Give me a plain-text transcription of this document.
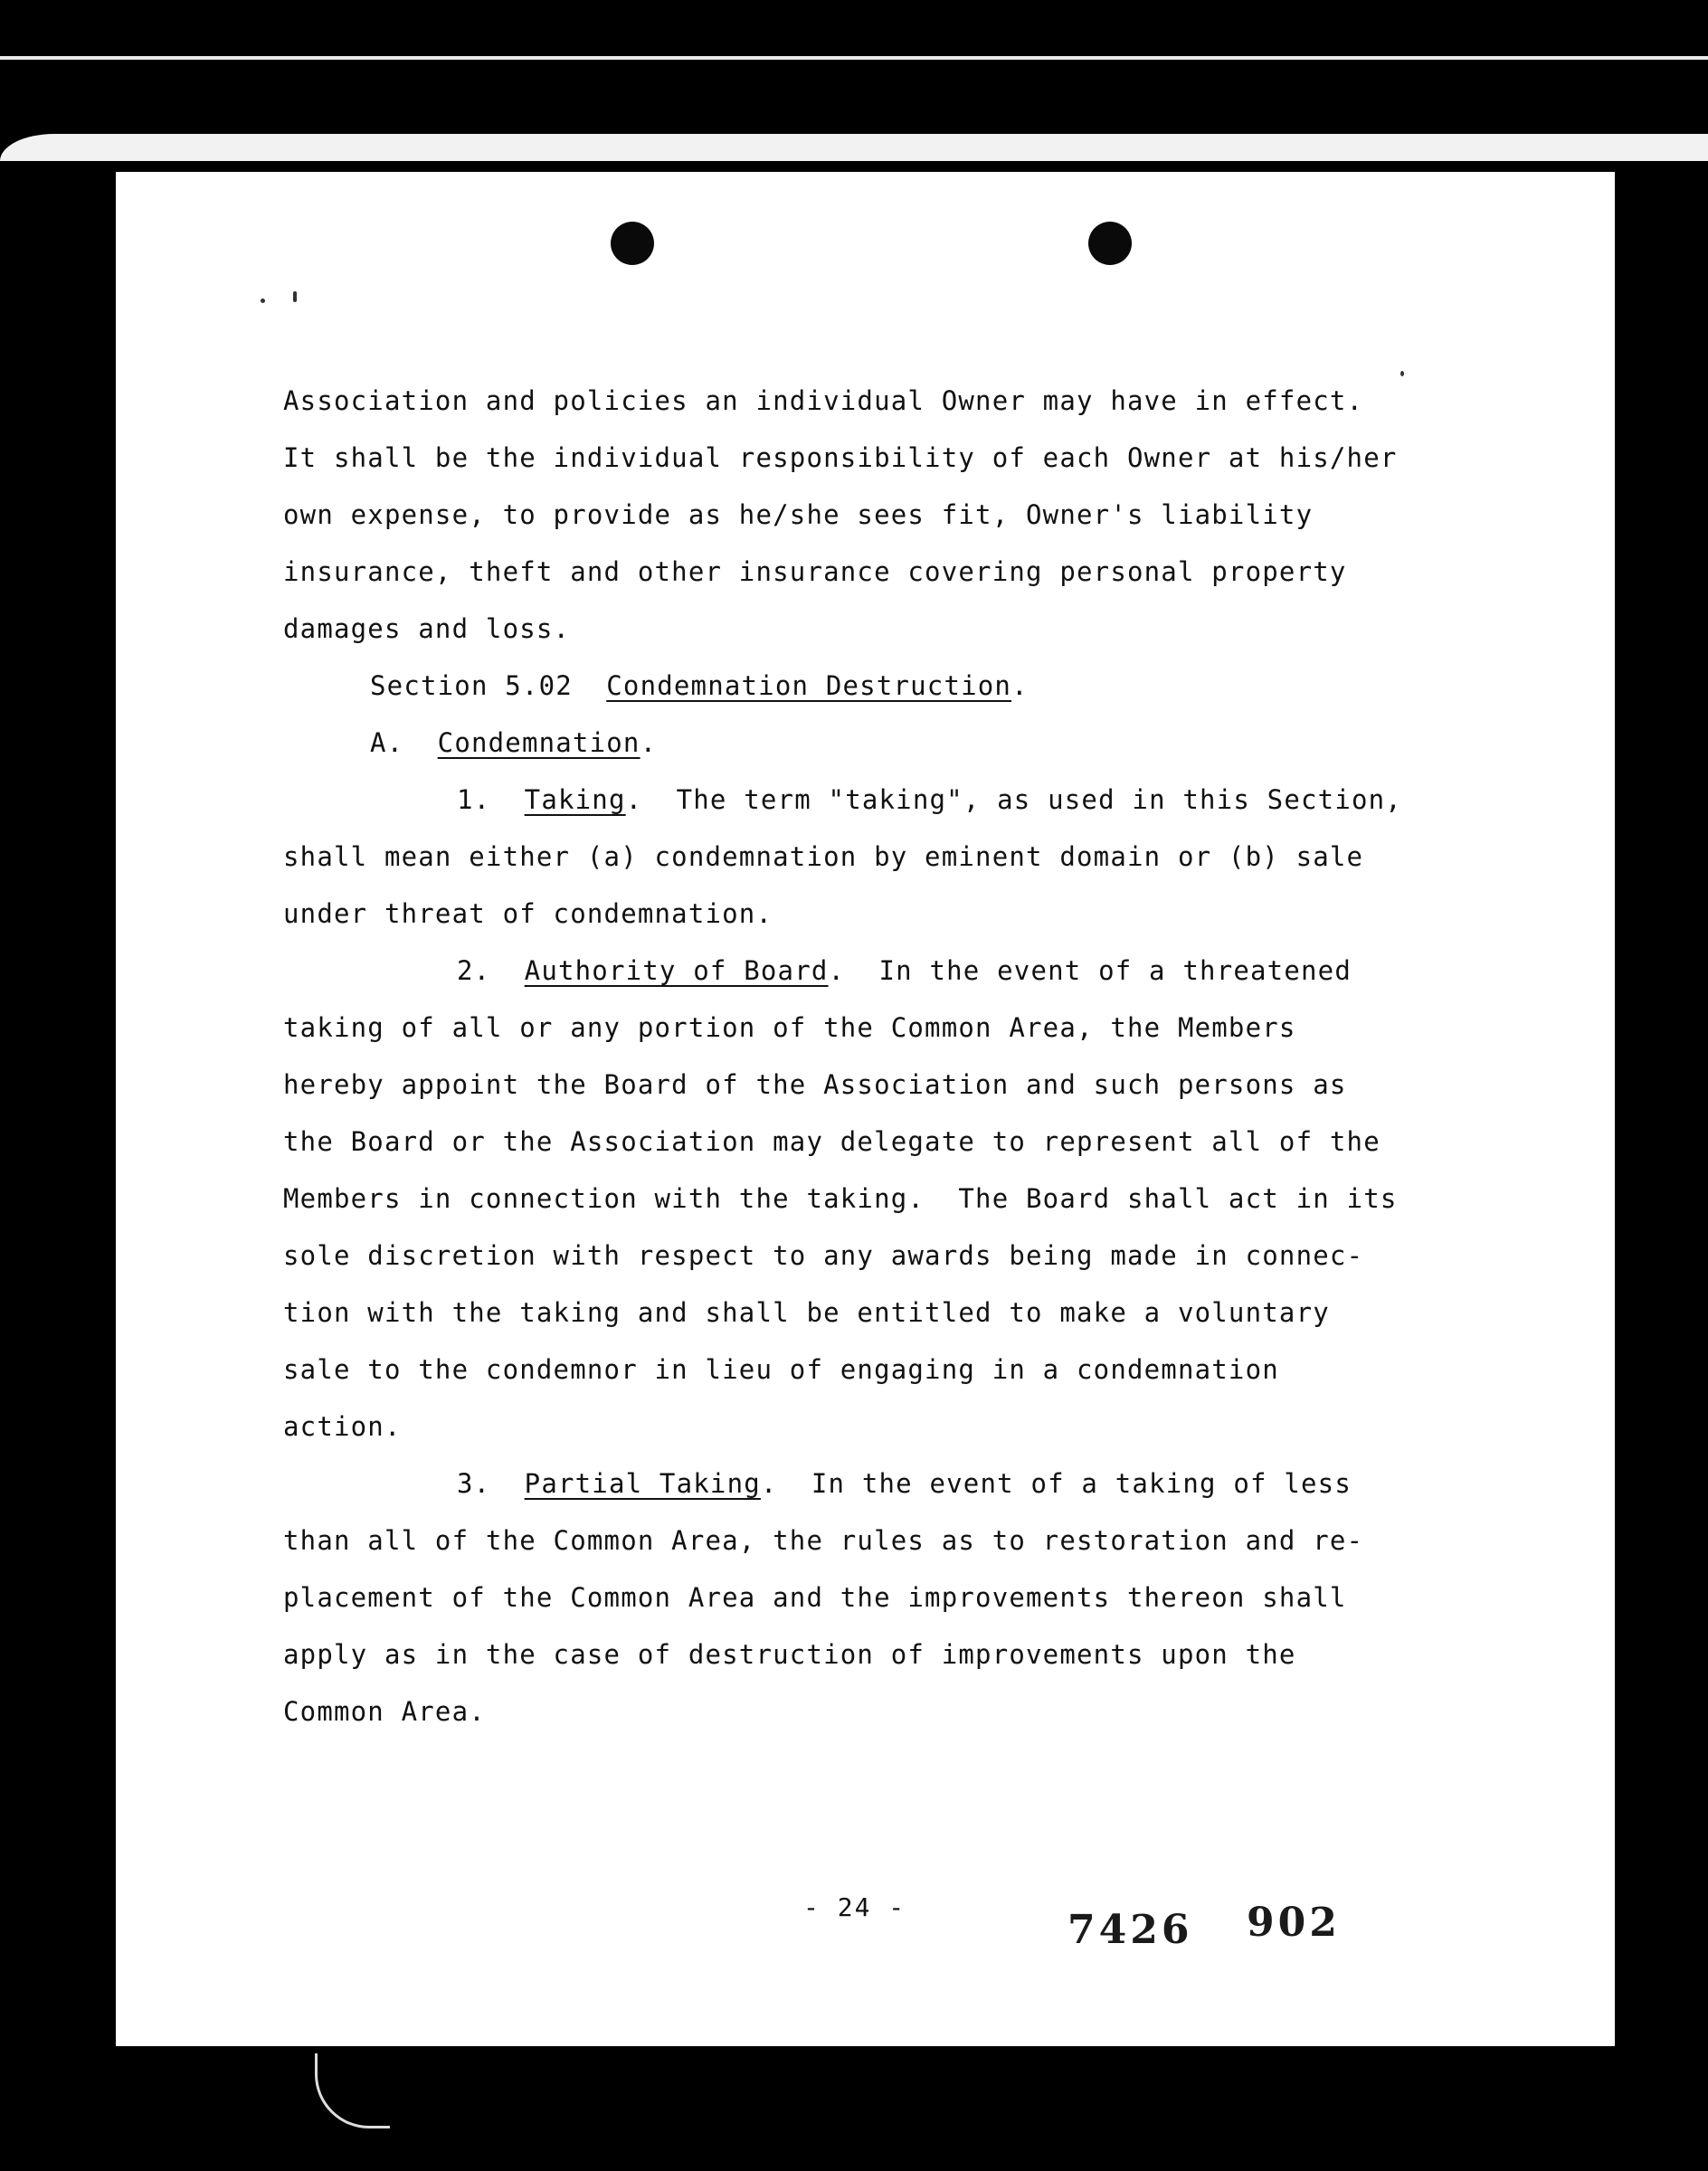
Association and policies an individual Owner may have in effect.
It shall be the individual responsibility of each Owner at his/her
own expense, to provide as he/she sees fit, Owner's liability
insurance, theft and other insurance covering personal property
damages and loss.
Section 5.02 Condemnation Destruction.
A. Condemnation.
1. Taking.  The term "taking", as used in this Section,
shall mean either (a) condemnation by eminent domain or (b) sale
under threat of condemnation.
2. Authority of Board.  In the event of a threatened
taking of all or any portion of the Common Area, the Members
hereby appoint the Board of the Association and such persons as
the Board or the Association may delegate to represent all of the
Members in connection with the taking.  The Board shall act in its
sole discretion with respect to any awards being made in connec-
tion with the taking and shall be entitled to make a voluntary
sale to the condemnor in lieu of engaging in a condemnation
action.
3. Partial Taking.  In the event of a taking of less
than all of the Common Area, the rules as to restoration and re-
placement of the Common Area and the improvements thereon shall
apply as in the case of destruction of improvements upon the
Common Area.
- 24 -	7426 902
